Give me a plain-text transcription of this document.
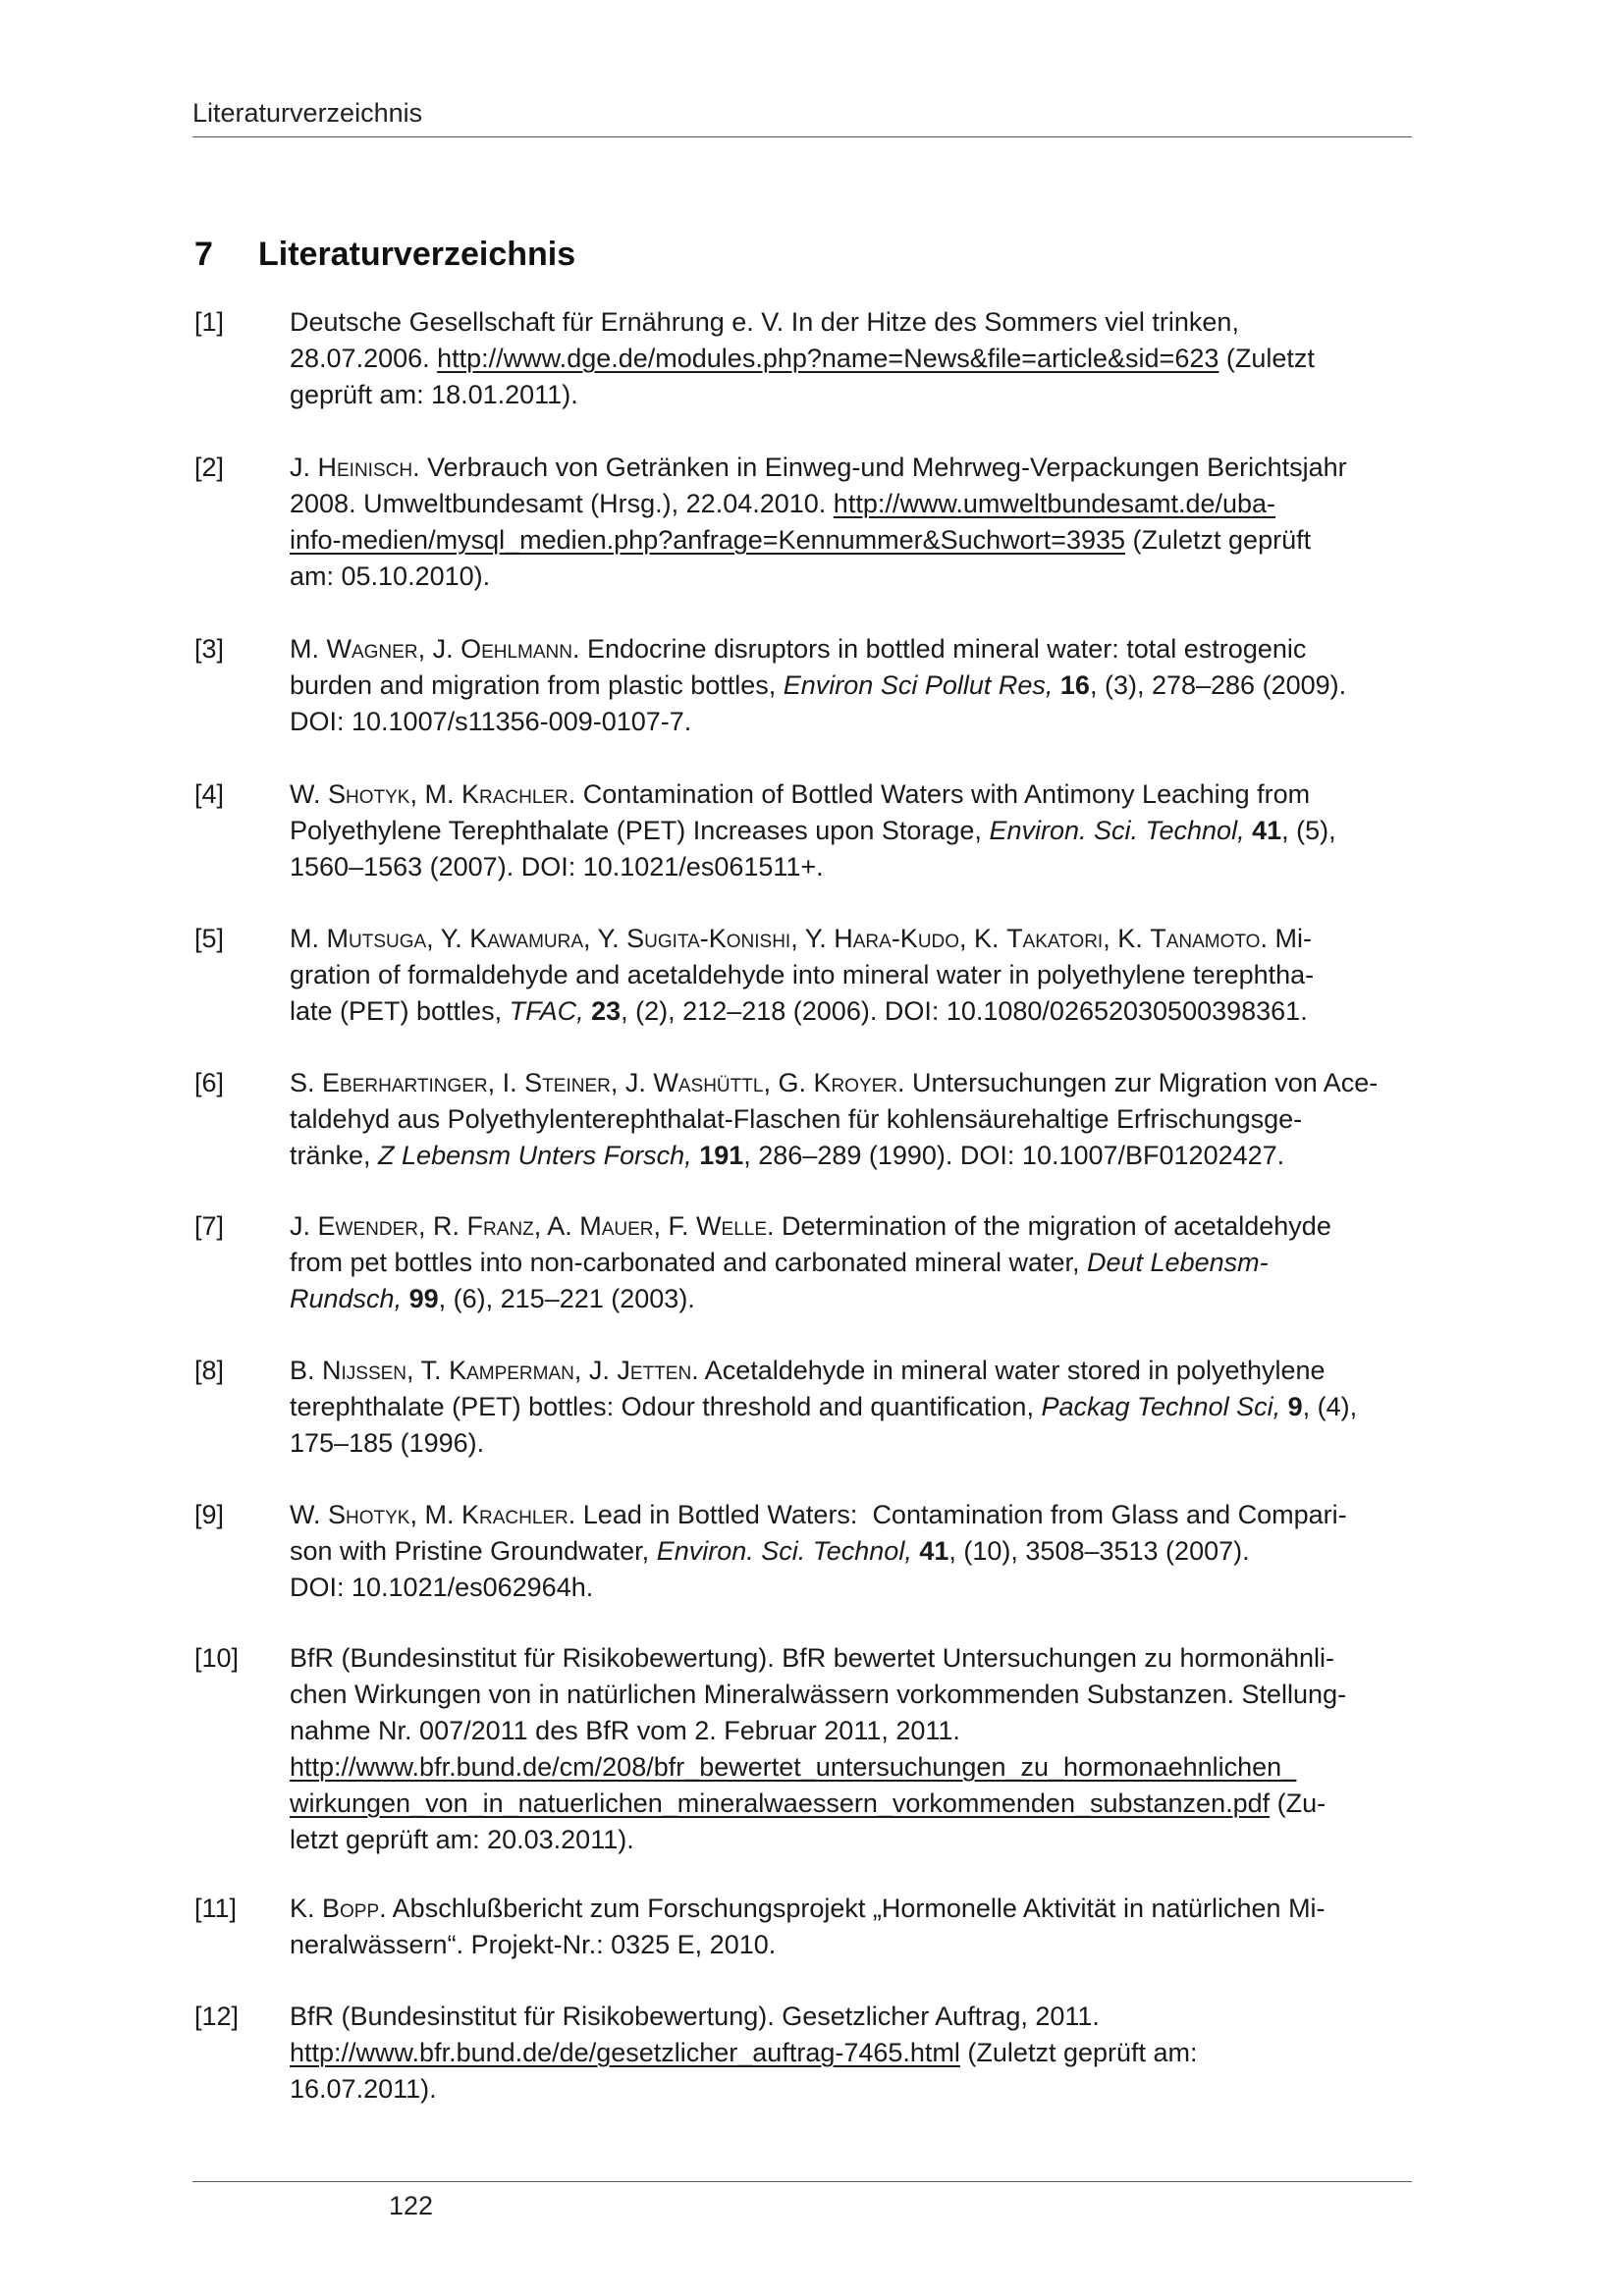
Literaturverzeichnis
7 Literaturverzeichnis
[1] Deutsche Gesellschaft für Ernährung e. V. In der Hitze des Sommers viel trinken,
28.07.2006. http://www.dge.de/modules.php?name=News&file=article&sid=623 (Zuletzt
geprüft am: 18.01.2011).
[2] J. Heinisch. Verbrauch von Getränken in Einweg-und Mehrweg-Verpackungen Berichtsjahr
2008. Umweltbundesamt (Hrsg.), 22.04.2010. http://www.umweltbundesamt.de/uba-
info-medien/mysql_medien.php?anfrage=Kennummer&Suchwort=3935 (Zuletzt geprüft
am: 05.10.2010).
[3] M. Wagner, J. Oehlmann. Endocrine disruptors in bottled mineral water: total estrogenic
burden and migration from plastic bottles, Environ Sci Pollut Res, 16, (3), 278–286 (2009).
DOI: 10.1007/s11356-009-0107-7.
[4] W. Shotyk, M. Krachler. Contamination of Bottled Waters with Antimony Leaching from
Polyethylene Terephthalate (PET) Increases upon Storage, Environ. Sci. Technol, 41, (5),
1560–1563 (2007). DOI: 10.1021/es061511+.
[5] M. Mutsuga, Y. Kawamura, Y. Sugita-Konishi, Y. Hara-Kudo, K. Takatori, K. Tanamoto. Mi-
gration of formaldehyde and acetaldehyde into mineral water in polyethylene terephtha-
late (PET) bottles, TFAC, 23, (2), 212–218 (2006). DOI: 10.1080/02652030500398361.
[6] S. Eberhartinger, I. Steiner, J. Washüttl, G. Kroyer. Untersuchungen zur Migration von Ace-
taldehyd aus Polyethylenterephthalat-Flaschen für kohlensäurehaltige Erfrischungsge-
tränke, Z Lebensm Unters Forsch, 191, 286–289 (1990). DOI: 10.1007/BF01202427.
[7] J. Ewender, R. Franz, A. Mauer, F. Welle. Determination of the migration of acetaldehyde
from pet bottles into non-carbonated and carbonated mineral water, Deut Lebensm-
Rundsch, 99, (6), 215–221 (2003).
[8] B. Nijssen, T. Kamperman, J. Jetten. Acetaldehyde in mineral water stored in polyethylene
terephthalate (PET) bottles: Odour threshold and quantification, Packag Technol Sci, 9, (4),
175–185 (1996).
[9] W. Shotyk, M. Krachler. Lead in Bottled Waters:  Contamination from Glass and Compari-
son with Pristine Groundwater, Environ. Sci. Technol, 41, (10), 3508–3513 (2007).
DOI: 10.1021/es062964h.
[10] BfR (Bundesinstitut für Risikobewertung). BfR bewertet Untersuchungen zu hormonähnli-
chen Wirkungen von in natürlichen Mineralwässern vorkommenden Substanzen. Stellung-
nahme Nr. 007/2011 des BfR vom 2. Februar 2011, 2011.
http://www.bfr.bund.de/cm/208/bfr_bewertet_untersuchungen_zu_hormonaehnlichen_
wirkungen_von_in_natuerlichen_mineralwaessern_vorkommenden_substanzen.pdf (Zu-
letzt geprüft am: 20.03.2011).
[11] K. Bopp. Abschlußbericht zum Forschungsprojekt „Hormonelle Aktivität in natürlichen Mi-
neralwässern“. Projekt-Nr.: 0325 E, 2010.
[12] BfR (Bundesinstitut für Risikobewertung). Gesetzlicher Auftrag, 2011.
http://www.bfr.bund.de/de/gesetzlicher_auftrag-7465.html (Zuletzt geprüft am:
16.07.2011).
122
